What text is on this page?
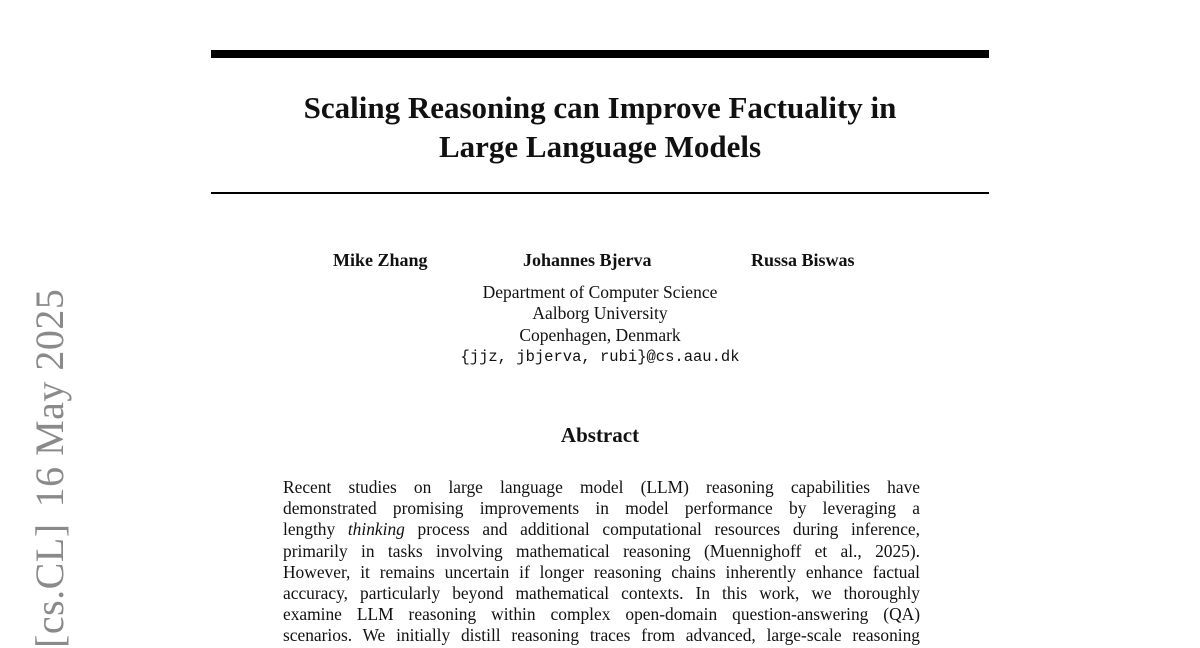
Scaling Reasoning can Improve Factuality in
Large Language Models
Mike Zhang	Johannes Bjerva	Russa Biswas
Department of Computer Science
Aalborg University
Copenhagen, Denmark
{jjz, jbjerva, rubi}@cs.aau.dk
Abstract
Recent studies on large language model (LLM) reasoning capabilities have
demonstrated promising improvements in model performance by leveraging a
lengthy thinking process and additional computational resources during inference,
primarily in tasks involving mathematical reasoning (Muennighoff et al., 2025).
However, it remains uncertain if longer reasoning chains inherently enhance factual
accuracy, particularly beyond mathematical contexts. In this work, we thoroughly
examine LLM reasoning within complex open-domain question-answering (QA)
scenarios. We initially distill reasoning traces from advanced, large-scale reasoning
[cs.CL]16 May 2025
